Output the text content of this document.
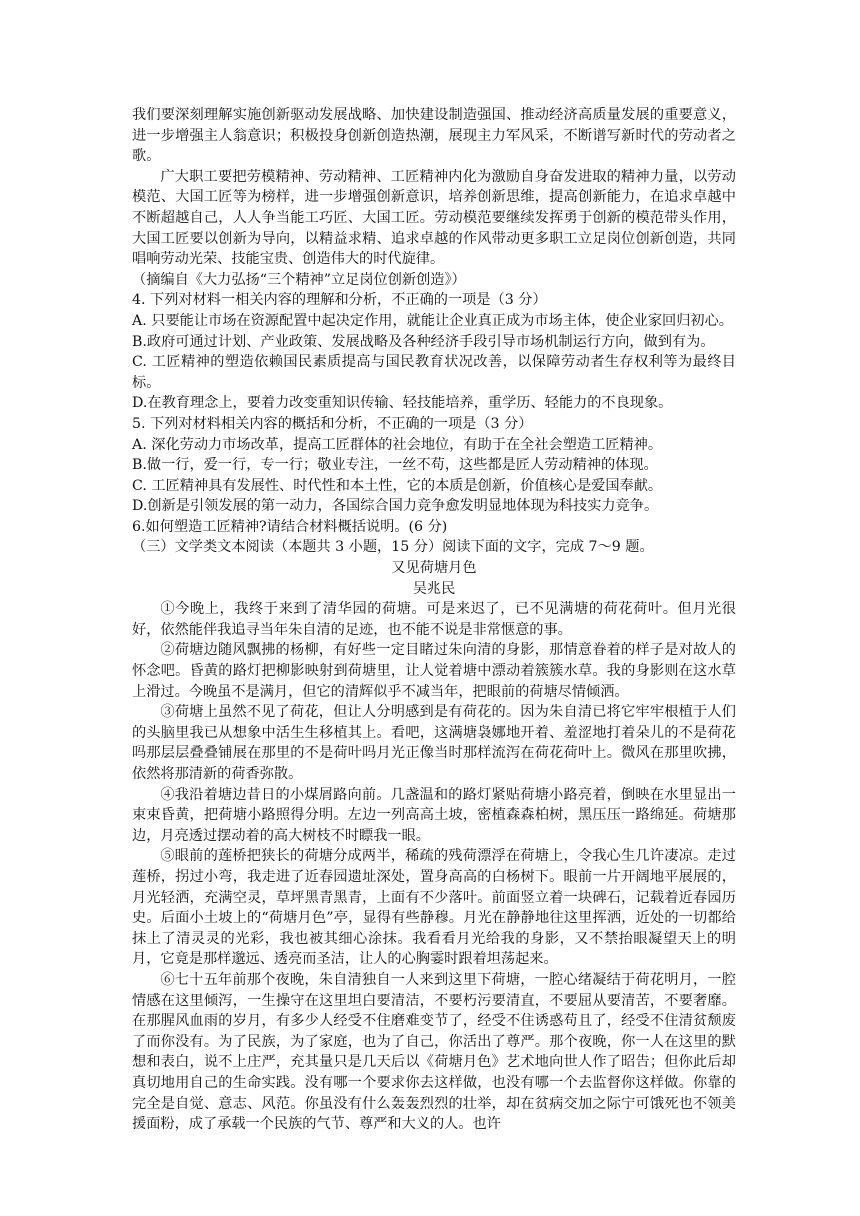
我们要深刻理解实施创新驱动发展战略、加快建设制造强国、推动经济高质量发展的重要意义，进一步增强主人翁意识；积极投身创新创造热潮，展现主力军风采，不断谱写新时代的劳动者之歌。

广大职工要把劳模精神、劳动精神、工匠精神内化为激励自身奋发进取的精神力量，以劳动模范、大国工匠等为榜样，进一步增强创新意识，培养创新思维，提高创新能力，在追求卓越中不断超越自己，人人争当能工巧匠、大国工匠。劳动模范要继续发挥勇于创新的模范带头作用，大国工匠要以创新为导向，以精益求精、追求卓越的作风带动更多职工立足岗位创新创造，共同唱响劳动光荣、技能宝贵、创造伟大的时代旋律。

（摘编自《大力弘扬“三个精神”立足岗位创新创造》）

4. 下列对材料一相关内容的理解和分析，不正确的一项是（3 分）

A. 只要能让市场在资源配置中起决定作用，就能让企业真正成为市场主体，使企业家回归初心。

B.政府可通过计划、产业政策、发展战略及各种经济手段引导市场机制运行方向，做到有为。

C. 工匠精神的塑造依赖国民素质提高与国民教育状况改善，以保障劳动者生存权利等为最终目标。

D.在教育理念上，要着力改变重知识传输、轻技能培养，重学历、轻能力的不良现象。

5. 下列对材料相关内容的概括和分析，不正确的一项是（3 分）

A. 深化劳动力市场改革，提高工匠群体的社会地位，有助于在全社会塑造工匠精神。

B.做一行，爱一行，专一行；敬业专注，一丝不苟，这些都是匠人劳动精神的体现。

C. 工匠精神具有发展性、时代性和本土性，它的本质是创新，价值核心是爱国奉献。

D.创新是引领发展的第一动力，各国综合国力竞争愈发明显地体现为科技实力竞争。

6.如何塑造工匠精神?请结合材料概括说明。(6 分)

（三）文学类文本阅读（本题共 3 小题，15 分）阅读下面的文字，完成 7～9 题。

又见荷塘月色

吴兆民

①今晚上，我终于来到了清华园的荷塘。可是来迟了，已不见满塘的荷花荷叶。但月光很好，依然能伴我追寻当年朱自清的足迹，也不能不说是非常惬意的事。

②荷塘边随风飘拂的杨柳，有好些一定目睹过朱向清的身影，那情意眷着的样子是对故人的怀念吧。昏黄的路灯把柳影映射到荷塘里，让人觉着塘中漂动着簇簇水草。我的身影则在这水草上滑过。今晚虽不是满月，但它的清辉似乎不减当年，把眼前的荷塘尽情倾洒。

③荷塘上虽然不见了荷花，但让人分明感到是有荷花的。因为朱自清已将它牢牢根植于人们的头脑里我已从想象中活生生移植其上。看吧，这满塘袅娜地开着、羞涩地打着朵儿的不是荷花吗那层层叠叠铺展在那里的不是荷叶吗月光正像当时那样流泻在荷花荷叶上。微风在那里吹拂，依然将那清新的荷香弥散。

④我沿着塘边昔日的小煤屑路向前。几盏温和的路灯紧贴荷塘小路亮着，倒映在水里显出一束束昏黄，把荷塘小路照得分明。左边一列高高土坡，密植森森柏树，黑压压一路绵延。荷塘那边，月亮透过摆动着的高大树枝不时瞟我一眼。

⑤眼前的莲桥把狭长的荷塘分成两半，稀疏的残荷漂浮在荷塘上，令我心生几许凄凉。走过莲桥，拐过小弯，我走进了近春园遗址深处，置身高高的白杨树下。眼前一片开阔地平展展的，月光轻洒，充满空灵，草坪黑青黑青，上面有不少落叶。前面竖立着一块碑石，记载着近春园历史。后面小土坡上的“荷塘月色”亭，显得有些静穆。月光在静静地往这里挥洒，近处的一切都给抹上了清灵灵的光彩，我也被其细心涂抹。我看看月光给我的身影，又不禁抬眼凝望天上的明月，它竟是那样邈远、透亮而圣洁，让人的心胸霎时跟着坦荡起来。

⑥七十五年前那个夜晚，朱自清独自一人来到这里下荷塘，一腔心绪凝结于荷花明月，一腔情感在这里倾泻，一生操守在这里坦白要清洁，不要朽污要清直，不要屈从要清苦，不要奢靡。在那腥风血雨的岁月，有多少人经受不住磨难变节了，经受不住诱惑苟且了，经受不住清贫颓废了而你没有。为了民族，为了家庭，也为了自己，你活出了尊严。那个夜晚，你一人在这里的默想和表白，说不上庄严，充其量只是几天后以《荷塘月色》艺术地向世人作了昭告；但你此后却真切地用自己的生命实践。没有哪一个要求你去这样做，也没有哪一个去监督你这样做。你靠的完全是自觉、意志、风范。你虽没有什么轰轰烈烈的壮举，却在贫病交加之际宁可饿死也不领美援面粉，成了承载一个民族的气节、尊严和大义的人。也许
